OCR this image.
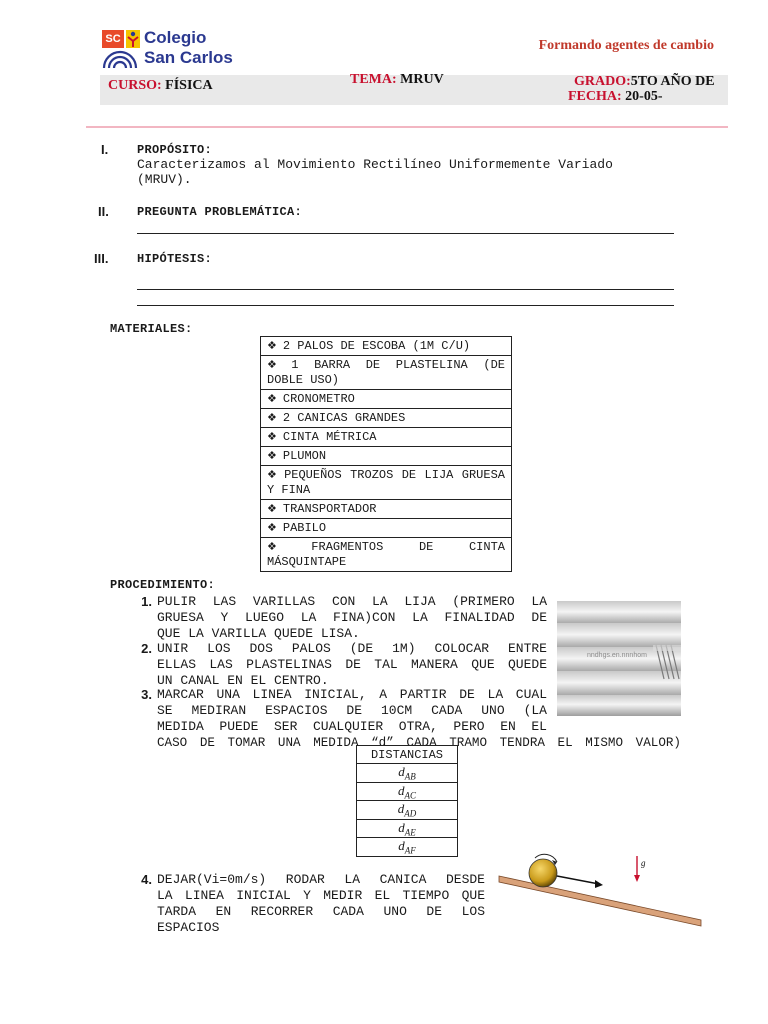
SC Colegio
San Carlos
Formando agentes de cambio
CURSO: FÍSICA	TEMA: MRUV	GRADO:5TO AÑO DE
FECHA: 20-05-
I. PROPÓSITO:
Caracterizamos al Movimiento Rectilíneo Uniformemente Variado
(MRUV).
II. PREGUNTA PROBLEMÁTICA:
III. HIPÓTESIS:
MATERIALES:
❖ 2 PALOS DE ESCOBA (1M C/U)
❖ 1 BARRA DE PLASTELINA (DE DOBLE USO)
❖ CRONOMETRO
❖ 2 CANICAS GRANDES
❖ CINTA MÉTRICA
❖ PLUMON
❖ PEQUEÑOS TROZOS DE LIJA GRUESA Y FINA
❖ TRANSPORTADOR
❖ PABILO
❖ FRAGMENTOS DE CINTA MÁSQUINTAPE
PROCEDIMIENTO:
1. PULIR LAS VARILLAS CON LA LIJA (PRIMERO LA
GRUESA Y LUEGO LA FINA)CON LA FINALIDAD DE
QUE LA VARILLA QUEDE LISA.
2. UNIR LOS DOS PALOS (DE 1M) COLOCAR ENTRE
ELLAS LAS PLASTELINAS DE TAL MANERA QUE QUEDE
UN CANAL EN EL CENTRO.
3. MARCAR UNA LINEA INICIAL, A PARTIR DE LA CUAL
SE MEDIRAN ESPACIOS DE 10CM CADA UNO (LA
MEDIDA PUEDE SER CUALQUIER OTRA, PERO EN EL
CASO DE TOMAR UNA MEDIDA “d” CADA TRAMO TENDRA EL MISMO VALOR)
nndhgs.en.nnnhom
DISTANCIAS
$d_{AB}$
$d_{AC}$
$d_{AD}$
$d_{AE}$
$d_{AF}$
4. DEJAR(Vi=0m/s) RODAR LA CANICA DESDE
LA LINEA INICIAL Y MEDIR EL TIEMPO QUE
TARDA EN RECORRER CADA UNO DE LOS
ESPACIOS
g
